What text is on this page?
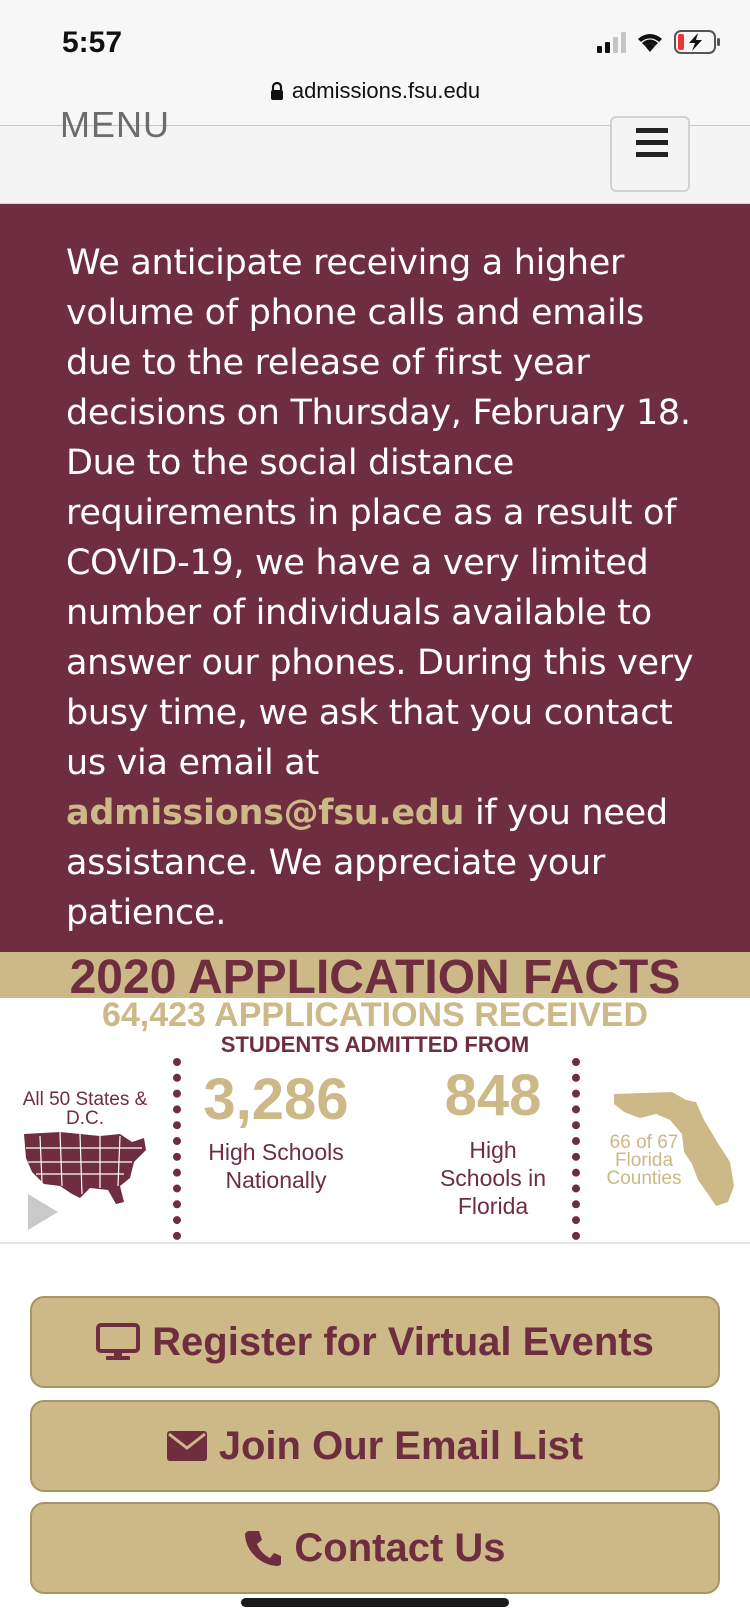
5:57
admissions.fsu.edu
MENU

We anticipate receiving a higher volume of phone calls and emails due to the release of first year decisions on Thursday, February 18. Due to the social distance requirements in place as a result of COVID-19, we have a very limited number of individuals available to answer our phones. During this very busy time, we ask that you contact us via email at admissions@fsu.edu if you need assistance. We appreciate your patience.

2020 APPLICATION FACTS
64,423 APPLICATIONS RECEIVED
STUDENTS ADMITTED FROM
All 50 States & D.C.	3,286
High Schools Nationally
848
High Schools in Florida
66 of 67 Florida Counties
Register for Virtual Events
Join Our Email List
Contact Us
